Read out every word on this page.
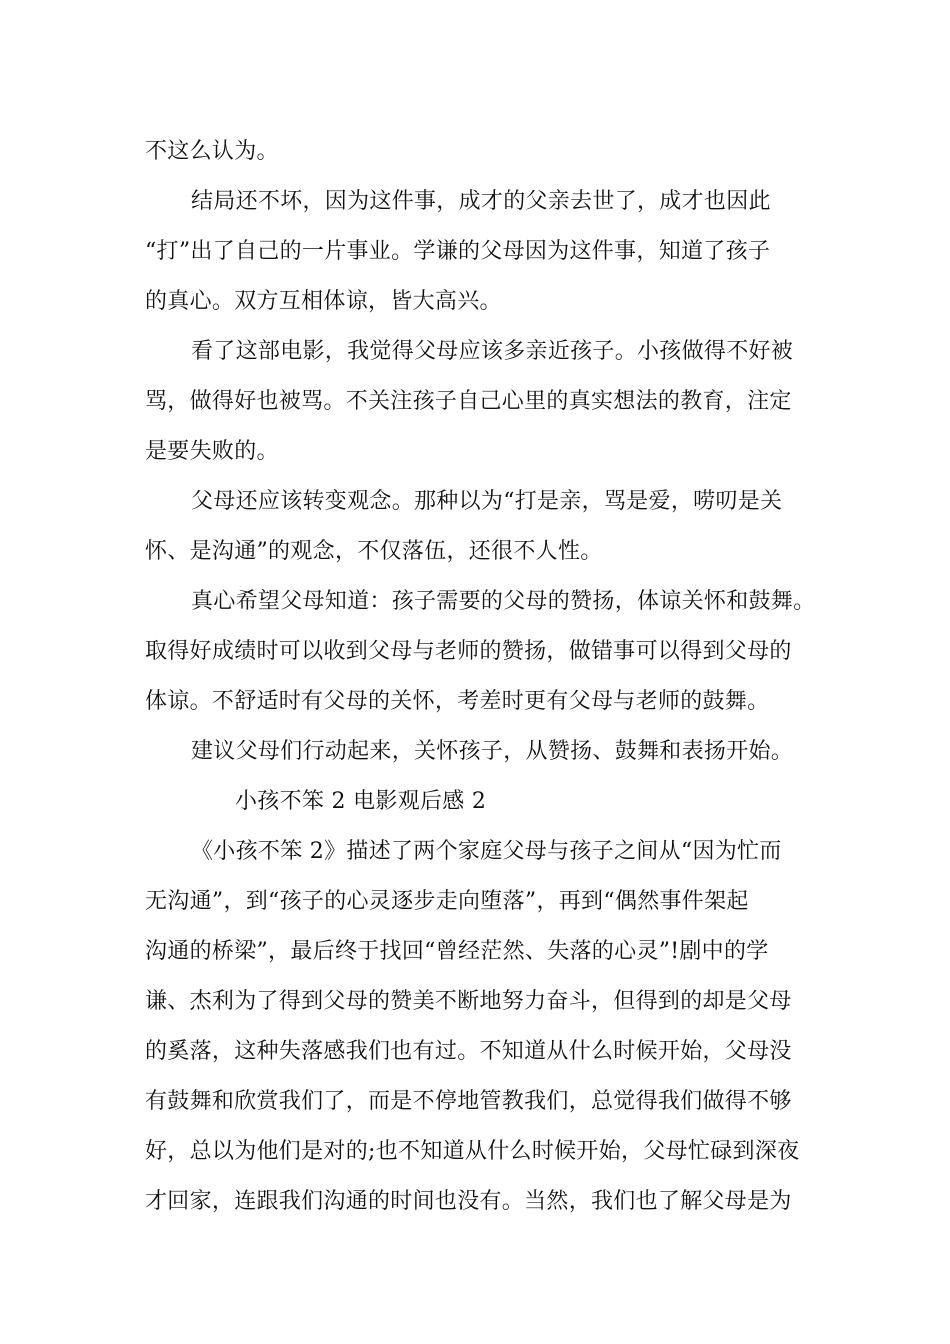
不这么认为。
结局还不坏，因为这件事，成才的父亲去世了，成才也因此
“打”出了自己的一片事业。学谦的父母因为这件事，知道了孩子
的真心。双方互相体谅，皆大高兴。
看了这部电影，我觉得父母应该多亲近孩子。小孩做得不好被
骂，做得好也被骂。不关注孩子自己心里的真实想法的教育，注定
是要失败的。
父母还应该转变观念。那种以为“打是亲，骂是爱，唠叨是关
怀、是沟通”的观念，不仅落伍，还很不人性。
真心希望父母知道：孩子需要的父母的赞扬，体谅关怀和鼓舞。
取得好成绩时可以收到父母与老师的赞扬，做错事可以得到父母的
体谅。不舒适时有父母的关怀，考差时更有父母与老师的鼓舞。
建议父母们行动起来，关怀孩子，从赞扬、鼓舞和表扬开始。
小孩不笨 2 电影观后感 2
《小孩不笨 2》描述了两个家庭父母与孩子之间从“因为忙而
无沟通”，到“孩子的心灵逐步走向堕落”，再到“偶然事件架起
沟通的桥梁”，最后终于找回“曾经茫然、失落的心灵”!剧中的学
谦、杰利为了得到父母的赞美不断地努力奋斗，但得到的却是父母
的奚落，这种失落感我们也有过。不知道从什么时候开始，父母没
有鼓舞和欣赏我们了，而是不停地管教我们，总觉得我们做得不够
好，总以为他们是对的;也不知道从什么时候开始，父母忙碌到深夜
才回家，连跟我们沟通的时间也没有。当然，我们也了解父母是为
